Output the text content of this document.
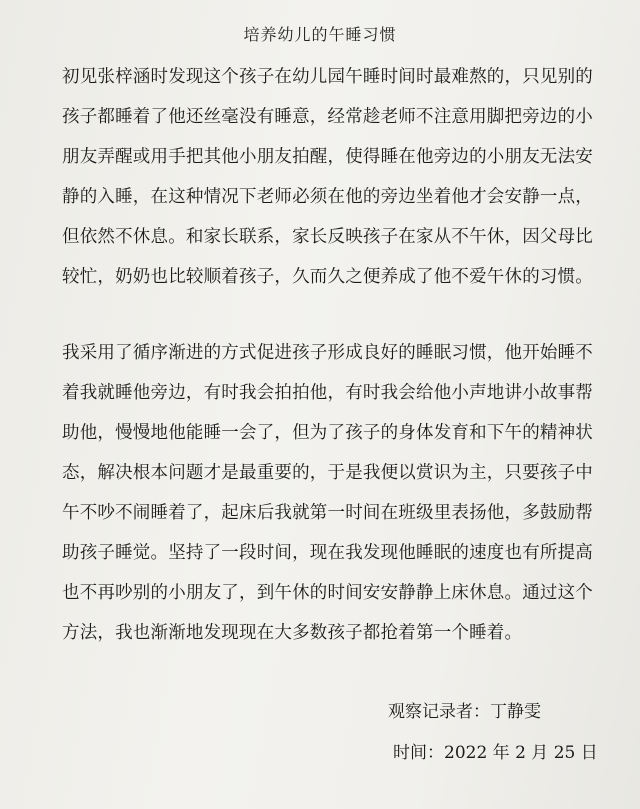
培养幼儿的午睡习惯
初见张梓涵时发现这个孩子在幼儿园午睡时间时最难熬的，只见别的
孩子都睡着了他还丝毫没有睡意，经常趁老师不注意用脚把旁边的小
朋友弄醒或用手把其他小朋友拍醒，使得睡在他旁边的小朋友无法安
静的入睡，在这种情况下老师必须在他的旁边坐着他才会安静一点，
但依然不休息。和家长联系，家长反映孩子在家从不午休，因父母比
较忙，奶奶也比较顺着孩子，久而久之便养成了他不爱午休的习惯。
我采用了循序渐进的方式促进孩子形成良好的睡眠习惯，他开始睡不
着我就睡他旁边，有时我会拍拍他，有时我会给他小声地讲小故事帮
助他，慢慢地他能睡一会了，但为了孩子的身体发育和下午的精神状
态，解决根本问题才是最重要的，于是我便以赏识为主，只要孩子中
午不吵不闹睡着了，起床后我就第一时间在班级里表扬他，多鼓励帮
助孩子睡觉。坚持了一段时间，现在我发现他睡眠的速度也有所提高
也不再吵别的小朋友了，到午休的时间安安静静上床休息。通过这个
方法，我也渐渐地发现现在大多数孩子都抢着第一个睡着。
观察记录者：丁静雯
时间：2022 年 2 月 25 日
